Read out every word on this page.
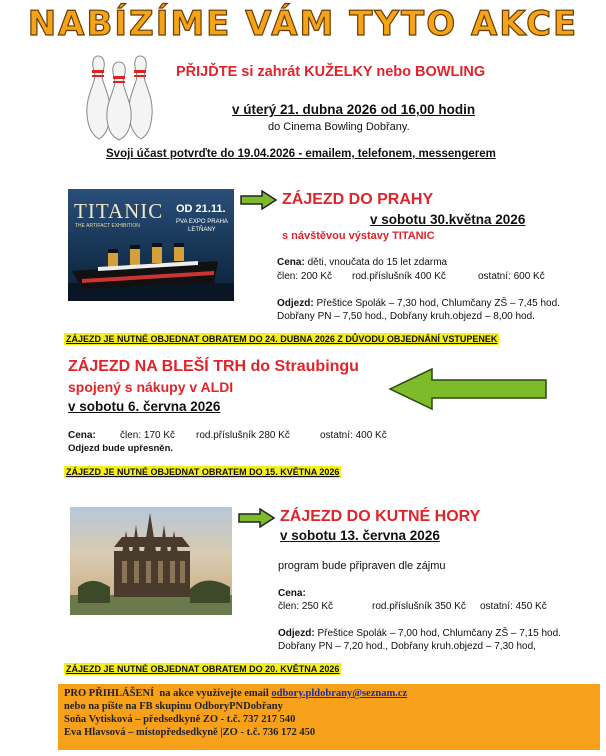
NABÍZÍME VÁM TYTO AKCE
PŘIJĎTE si zahrát KUŽELKY nebo BOWLING
v úterý 21. dubna 2026 od 16,00 hodin
do Cinema Bowling Dobřany.
Svoji účast potvrďte do 19.04.2026 - emailem, telefonem, messengerem
TITANIC
THE ARTIFACT EXHIBITION
OD 21.11.
PVA EXPO PRAHA
LETŇANY
ZÁJEZD DO PRAHY
v sobotu 30.května 2026
s návštěvou výstavy TITANIC
Cena: děti, vnoučata do 15 let zdarma
člen: 200 Kč rod.příslušník 400 Kč	ostatní: 600 Kč
Odjezd: Přeštice Spolák – 7,30 hod, Chlumčany ZŠ – 7,45 hod.
Dobřany PN – 7,50 hod., Dobřany kruh.objezd – 8,00 hod.
ZÁJEZD JE NUTNÉ OBJEDNAT OBRATEM DO 24. DUBNA 2026 Z DŮVODU OBJEDNÁNÍ VSTUPENEK
ZÁJEZD NA BLEŠÍ TRH do Straubingu
spojený s nákupy v ALDI
v sobotu 6. června 2026
Cena: člen: 170 Kč rod.příslušník 280 Kč	ostatní: 400 Kč
Odjezd bude upřesněn.
ZÁJEZD JE NUTNÉ OBJEDNAT OBRATEM DO 15. KVĚTNA 2026
ZÁJEZD DO KUTNÉ HORY
v sobotu 13. června 2026
program bude připraven dle zájmu
Cena:
člen: 250 Kč	rod.příslušník 350 Kč ostatní: 450 Kč
Odjezd: Přeštice Spolák – 7,00 hod, Chlumčany ZŠ – 7,15 hod.
Dobřany PN – 7,20 hod., Dobřany kruh.objezd – 7,30 hod,
ZÁJEZD JE NUTNÉ OBJEDNAT OBRATEM DO 20. KVĚTNA 2026
PRO PŘIHLÁŠENÍ na akce využívejte email odbory.pldobrany@seznam.cz
nebo na píšte na FB skupinu OdboryPNDobřany
Soňa Vytisková – předsedkyně ZO - t.č. 737 217 540
Eva Hlavsová – místopředsedkyně |ZO - t.č. 736 172 450
